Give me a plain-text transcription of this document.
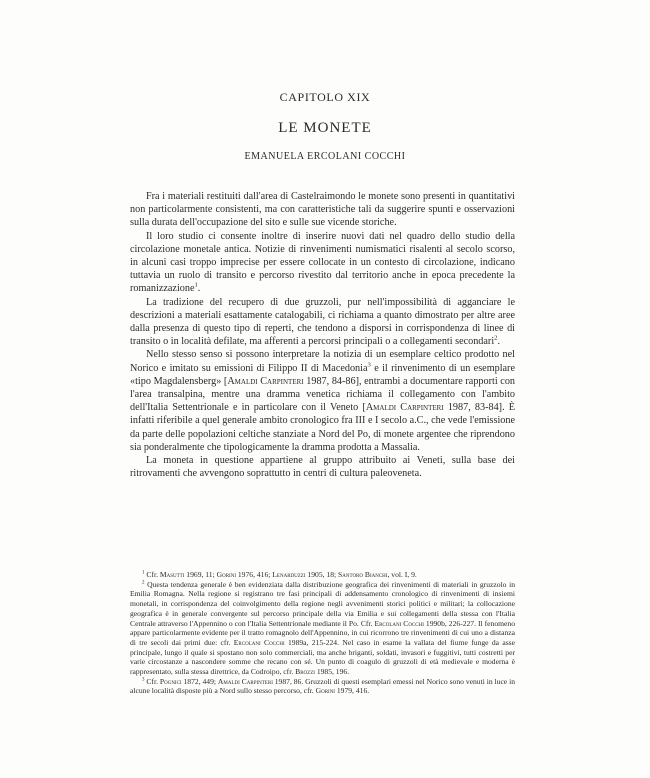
CAPITOLO XIX
LE MONETE
EMANUELA ERCOLANI COCCHI

Fra i materiali restituiti dall'area di Castelraimondo le monete sono presenti in quantitativi non particolarmente consistenti, ma con caratteristiche tali da suggerire spunti e osservazioni sulla durata dell'occupazione del sito e sulle sue vicende storiche.

Il loro studio ci consente inoltre di inserire nuovi dati nel quadro dello studio della circolazione monetale antica. Notizie di rinvenimenti numismatici risalenti al secolo scorso, in alcuni casi troppo imprecise per essere collocate in un contesto di circolazione, indicano tuttavia un ruolo di transito e percorso rivestito dal territorio anche in epoca precedente la romanizzazione$^1$.

La tradizione del recupero di due gruzzoli, pur nell'impossibilità di agganciare le descrizioni a materiali esattamente catalogabili, ci richiama a quanto dimostrato per altre aree dalla presenza di questo tipo di reperti, che tendono a disporsi in corrispondenza di linee di transito o in località defilate, ma afferenti a percorsi principali o a collegamenti secondari$^2$.

Nello stesso senso si possono interpretare la notizia di un esemplare celtico prodotto nel Norico e imitato su emissioni di Filippo II di Macedonia$^3$ e il rinvenimento di un esemplare «tipo Magdalensberg» [Amaldi Carpinteri 1987, 84-86], entrambi a documentare rapporti con l'area transalpina, mentre una dramma venetica richiama il collegamento con l'ambito dell'Italia Settentrionale e in particolare con il Veneto [Amaldi Carpinteri 1987, 83-84]. È infatti riferibile a quel generale ambito cronologico fra III e I secolo a.C., che vede l'emissione da parte delle popolazioni celtiche stanziate a Nord del Po, di monete argentee che riprendono sia ponderalmente che tipologicamente la dramma prodotta a Massalia.

La moneta in questione appartiene al gruppo attribuito ai Veneti, sulla base dei ritrovamenti che avvengono soprattutto in centri di cultura paleoveneta.

$^1$ Cfr. Masutti 1969, 11; Gorini 1976, 416; Lenarduzzi 1905, 18; Santoro Bianchi, vol. I, 9.

$^2$ Questa tendenza generale è ben evidenziata dalla distribuzione geografica dei rinvenimenti di materiali in gruzzolo in Emilia Romagna. Nella regione si registrano tre fasi principali di addensamento cronologico di rinvenimenti di insiemi monetali, in corrispondenza del coinvolgimento della regione negli avvenimenti storici politici e militari; la collocazione geografica è in generale convergente sul percorso principale della via Emilia e sui collegamenti della stessa con l'Italia Centrale attraverso l'Appennino o con l'Italia Settentrionale mediante il Po. Cfr. Ercolani Cocchi 1990b, 226-227. Il fenomeno appare particolarmente evidente per il tratto romagnolo dell'Appennino, in cui ricorrono tre rinvenimenti di cui uno a distanza di tre secoli dai primi due: cfr. Ercolani Cocchi 1989a, 215-224. Nel caso in esame la vallata del fiume funge da asse principale, lungo il quale si spostano non solo commerciali, ma anche briganti, soldati, invasori e fuggitivi, tutti costretti per varie circostanze a nascondere somme che recano con sé. Un punto di coagulo di gruzzoli di età medievale e moderna è rappresentato, sulla stessa direttrice, da Codroipo, cfr. Brozzi 1985, 196.

$^3$ Cfr. Pognici 1872, 449; Amaldi Carpinteri 1987, 86. Gruzzoli di questi esemplari emessi nel Norico sono venuti in luce in alcune località disposte più a Nord sullo stesso percorso, cfr. Gorini 1979, 416.
